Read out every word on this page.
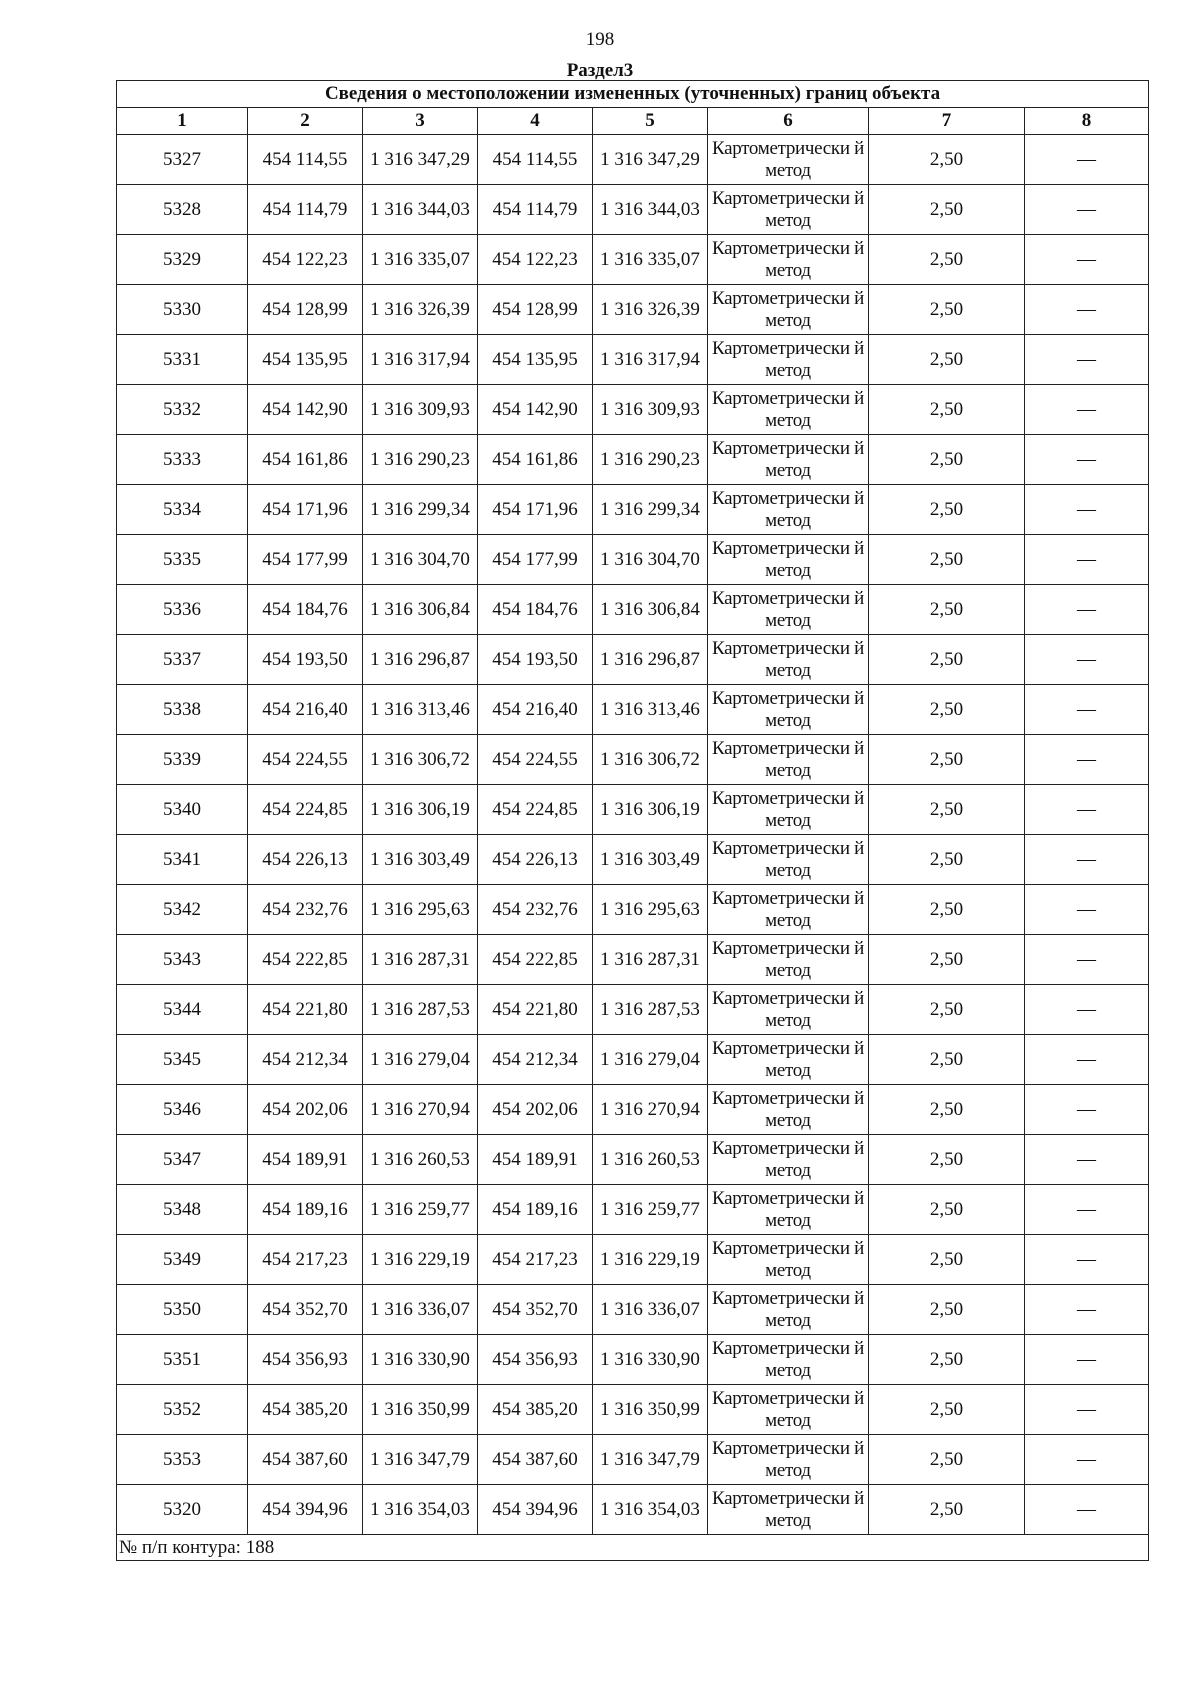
198
Раздел3
Сведения о местоположении измененных (уточненных) границ объекта							
1	2	3	4	5	6	7	8
5327	454 114,55	1 316 347,29	454 114,55	1 316 347,29	Картометрически й метод	2,50	—
5328	454 114,79	1 316 344,03	454 114,79	1 316 344,03	Картометрически й метод	2,50	—
5329	454 122,23	1 316 335,07	454 122,23	1 316 335,07	Картометрически й метод	2,50	—
5330	454 128,99	1 316 326,39	454 128,99	1 316 326,39	Картометрически й метод	2,50	—
5331	454 135,95	1 316 317,94	454 135,95	1 316 317,94	Картометрически й метод	2,50	—
5332	454 142,90	1 316 309,93	454 142,90	1 316 309,93	Картометрически й метод	2,50	—
5333	454 161,86	1 316 290,23	454 161,86	1 316 290,23	Картометрически й метод	2,50	—
5334	454 171,96	1 316 299,34	454 171,96	1 316 299,34	Картометрически й метод	2,50	—
5335	454 177,99	1 316 304,70	454 177,99	1 316 304,70	Картометрически й метод	2,50	—
5336	454 184,76	1 316 306,84	454 184,76	1 316 306,84	Картометрически й метод	2,50	—
5337	454 193,50	1 316 296,87	454 193,50	1 316 296,87	Картометрически й метод	2,50	—
5338	454 216,40	1 316 313,46	454 216,40	1 316 313,46	Картометрически й метод	2,50	—
5339	454 224,55	1 316 306,72	454 224,55	1 316 306,72	Картометрически й метод	2,50	—
5340	454 224,85	1 316 306,19	454 224,85	1 316 306,19	Картометрически й метод	2,50	—
5341	454 226,13	1 316 303,49	454 226,13	1 316 303,49	Картометрически й метод	2,50	—
5342	454 232,76	1 316 295,63	454 232,76	1 316 295,63	Картометрически й метод	2,50	—
5343	454 222,85	1 316 287,31	454 222,85	1 316 287,31	Картометрически й метод	2,50	—
5344	454 221,80	1 316 287,53	454 221,80	1 316 287,53	Картометрически й метод	2,50	—
5345	454 212,34	1 316 279,04	454 212,34	1 316 279,04	Картометрически й метод	2,50	—
5346	454 202,06	1 316 270,94	454 202,06	1 316 270,94	Картометрически й метод	2,50	—
5347	454 189,91	1 316 260,53	454 189,91	1 316 260,53	Картометрически й метод	2,50	—
5348	454 189,16	1 316 259,77	454 189,16	1 316 259,77	Картометрически й метод	2,50	—
5349	454 217,23	1 316 229,19	454 217,23	1 316 229,19	Картометрически й метод	2,50	—
5350	454 352,70	1 316 336,07	454 352,70	1 316 336,07	Картометрически й метод	2,50	—
5351	454 356,93	1 316 330,90	454 356,93	1 316 330,90	Картометрически й метод	2,50	—
5352	454 385,20	1 316 350,99	454 385,20	1 316 350,99	Картометрически й метод	2,50	—
5353	454 387,60	1 316 347,79	454 387,60	1 316 347,79	Картометрически й метод	2,50	—
5320	454 394,96	1 316 354,03	454 394,96	1 316 354,03	Картометрически й метод	2,50	—
№ п/п контура: 188							
